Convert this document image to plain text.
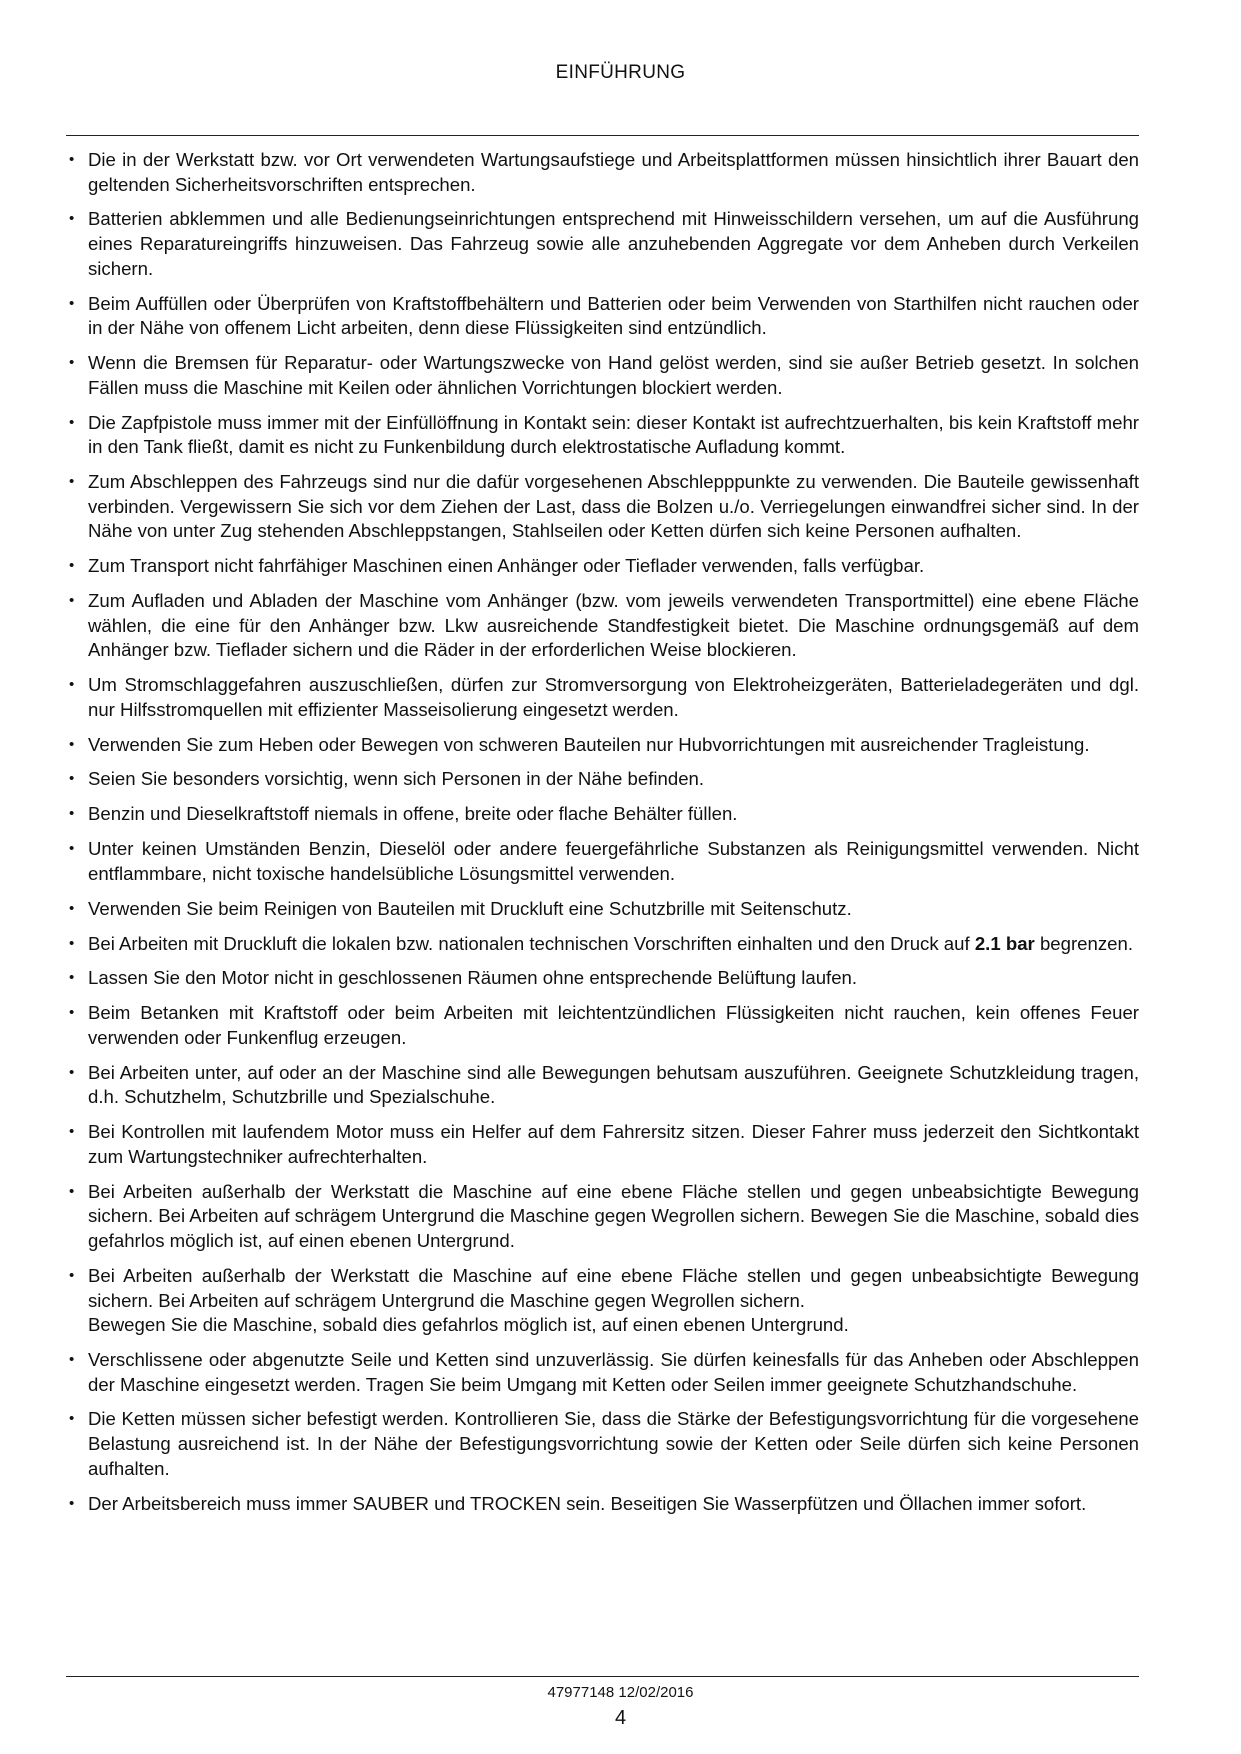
EINFÜHRUNG
• Die in der Werkstatt bzw. vor Ort verwendeten Wartungsaufstiege und Arbeitsplattformen müssen hinsichtlich ihrer Bauart den geltenden Sicherheitsvorschriften entsprechen.
• Batterien abklemmen und alle Bedienungseinrichtungen entsprechend mit Hinweisschildern versehen, um auf die Ausführung eines Reparatureingriffs hinzuweisen. Das Fahrzeug sowie alle anzuhebenden Aggregate vor dem Anheben durch Verkeilen sichern.
• Beim Auffüllen oder Überprüfen von Kraftstoffbehältern und Batterien oder beim Verwenden von Starthilfen nicht rauchen oder in der Nähe von offenem Licht arbeiten, denn diese Flüssigkeiten sind entzündlich.
• Wenn die Bremsen für Reparatur- oder Wartungszwecke von Hand gelöst werden, sind sie außer Betrieb gesetzt. In solchen Fällen muss die Maschine mit Keilen oder ähnlichen Vorrichtungen blockiert werden.
• Die Zapfpistole muss immer mit der Einfüllöffnung in Kontakt sein: dieser Kontakt ist aufrechtzuerhalten, bis kein Kraftstoff mehr in den Tank fließt, damit es nicht zu Funkenbildung durch elektrostatische Aufladung kommt.
• Zum Abschleppen des Fahrzeugs sind nur die dafür vorgesehenen Abschlepppunkte zu verwenden. Die Bauteile gewissenhaft verbinden. Vergewissern Sie sich vor dem Ziehen der Last, dass die Bolzen u./o. Verriegelungen einwandfrei sicher sind. In der Nähe von unter Zug stehenden Abschleppstangen, Stahlseilen oder Ketten dürfen sich keine Personen aufhalten.
• Zum Transport nicht fahrfähiger Maschinen einen Anhänger oder Tieflader verwenden, falls verfügbar.
• Zum Aufladen und Abladen der Maschine vom Anhänger (bzw. vom jeweils verwendeten Transportmittel) eine ebene Fläche wählen, die eine für den Anhänger bzw. Lkw ausreichende Standfestigkeit bietet. Die Maschine ordnungsgemäß auf dem Anhänger bzw. Tieflader sichern und die Räder in der erforderlichen Weise blockieren.
• Um Stromschlaggefahren auszuschließen, dürfen zur Stromversorgung von Elektroheizgeräten, Batterieladegeräten und dgl. nur Hilfsstromquellen mit effizienter Masseisolierung eingesetzt werden.
• Verwenden Sie zum Heben oder Bewegen von schweren Bauteilen nur Hubvorrichtungen mit ausreichender Tragleistung.
• Seien Sie besonders vorsichtig, wenn sich Personen in der Nähe befinden.
• Benzin und Dieselkraftstoff niemals in offene, breite oder flache Behälter füllen.
• Unter keinen Umständen Benzin, Dieselöl oder andere feuergefährliche Substanzen als Reinigungsmittel verwenden. Nicht entflammbare, nicht toxische handelsübliche Lösungsmittel verwenden.
• Verwenden Sie beim Reinigen von Bauteilen mit Druckluft eine Schutzbrille mit Seitenschutz.
• Bei Arbeiten mit Druckluft die lokalen bzw. nationalen technischen Vorschriften einhalten und den Druck auf 2.1 bar begrenzen.
• Lassen Sie den Motor nicht in geschlossenen Räumen ohne entsprechende Belüftung laufen.
• Beim Betanken mit Kraftstoff oder beim Arbeiten mit leichtentzündlichen Flüssigkeiten nicht rauchen, kein offenes Feuer verwenden oder Funkenflug erzeugen.
• Bei Arbeiten unter, auf oder an der Maschine sind alle Bewegungen behutsam auszuführen. Geeignete Schutzkleidung tragen, d.h. Schutzhelm, Schutzbrille und Spezialschuhe.
• Bei Kontrollen mit laufendem Motor muss ein Helfer auf dem Fahrersitz sitzen. Dieser Fahrer muss jederzeit den Sichtkontakt zum Wartungstechniker aufrechterhalten.
• Bei Arbeiten außerhalb der Werkstatt die Maschine auf eine ebene Fläche stellen und gegen unbeabsichtigte Bewegung sichern. Bei Arbeiten auf schrägem Untergrund die Maschine gegen Wegrollen sichern. Bewegen Sie die Maschine, sobald dies gefahrlos möglich ist, auf einen ebenen Untergrund.
• Bei Arbeiten außerhalb der Werkstatt die Maschine auf eine ebene Fläche stellen und gegen unbeabsichtigte Bewegung sichern. Bei Arbeiten auf schrägem Untergrund die Maschine gegen Wegrollen sichern.
Bewegen Sie die Maschine, sobald dies gefahrlos möglich ist, auf einen ebenen Untergrund.
• Verschlissene oder abgenutzte Seile und Ketten sind unzuverlässig. Sie dürfen keinesfalls für das Anheben oder Abschleppen der Maschine eingesetzt werden. Tragen Sie beim Umgang mit Ketten oder Seilen immer geeignete Schutzhandschuhe.
• Die Ketten müssen sicher befestigt werden. Kontrollieren Sie, dass die Stärke der Befestigungsvorrichtung für die vorgesehene Belastung ausreichend ist. In der Nähe der Befestigungsvorrichtung sowie der Ketten oder Seile dürfen sich keine Personen aufhalten.
• Der Arbeitsbereich muss immer SAUBER und TROCKEN sein. Beseitigen Sie Wasserpfützen und Öllachen immer sofort.
47977148 12/02/2016
4
